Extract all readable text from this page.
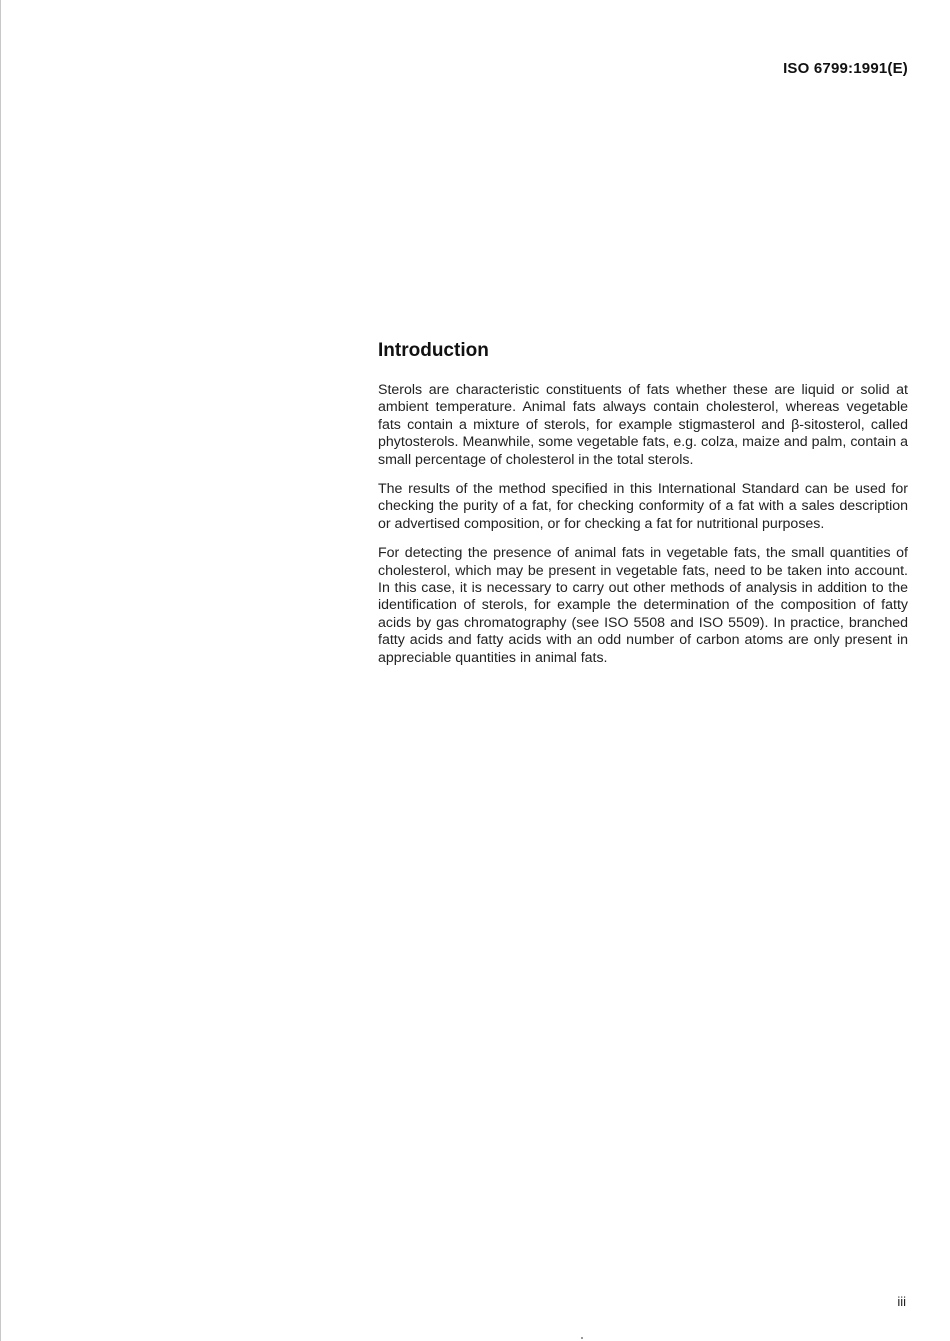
ISO 6799:1991(E)
Introduction

Sterols are characteristic constituents of fats whether these are liquid or solid at ambient temperature. Animal fats always contain cholesterol, whereas vegetable fats contain a mixture of sterols, for example stigmasterol and β-sitosterol, called phytosterols. Meanwhile, some vegetable fats, e.g. colza, maize and palm, contain a small percentage of cholesterol in the total sterols.

The results of the method specified in this International Standard can be used for checking the purity of a fat, for checking conformity of a fat with a sales description or advertised composition, or for checking a fat for nutritional purposes.

For detecting the presence of animal fats in vegetable fats, the small quantities of cholesterol, which may be present in vegetable fats, need to be taken into account. In this case, it is necessary to carry out other methods of analysis in addition to the identification of sterols, for example the determination of the composition of fatty acids by gas chromatography (see ISO 5508 and ISO 5509). In practice, branched fatty acids and fatty acids with an odd number of carbon atoms are only present in appreciable quantities in animal fats.

iii
